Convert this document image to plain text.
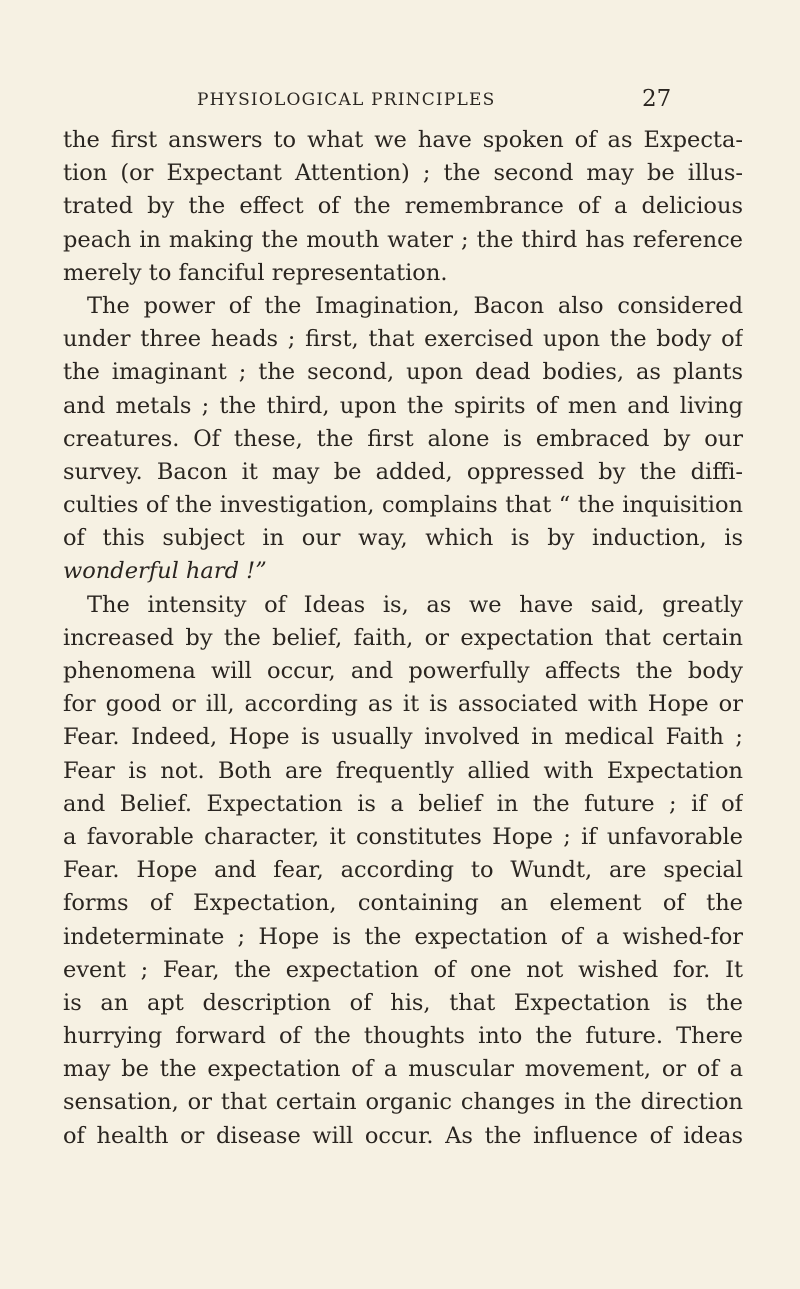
PHYSIOLOGICAL PRINCIPLES	27
the first answers to what we have spoken of as Expecta-
tion (or Expectant Attention) ; the second may be illus-
trated by the effect of the remembrance of a delicious
peach in making the mouth water ; the third has reference
merely to fanciful representation.
The power of the Imagination, Bacon also considered
under three heads ; first, that exercised upon the body of
the imaginant ; the second, upon dead bodies, as plants
and metals ; the third, upon the spirits of men and living
creatures. Of these, the first alone is embraced by our
survey. Bacon it may be added, oppressed by the diffi-
culties of the investigation, complains that “ the inquisition
of this subject in our way, which is by induction, is
wonderful hard !”
The intensity of Ideas is, as we have said, greatly
increased by the belief, faith, or expectation that certain
phenomena will occur, and powerfully affects the body
for good or ill, according as it is associated with Hope or
Fear. Indeed, Hope is usually involved in medical Faith ;
Fear is not. Both are frequently allied with Expectation
and Belief. Expectation is a belief in the future ; if of
a favorable character, it constitutes Hope ; if unfavorable
Fear. Hope and fear, according to Wundt, are special
forms of Expectation, containing an element of the
indeterminate ; Hope is the expectation of a wished-for
event ; Fear, the expectation of one not wished for. It
is an apt description of his, that Expectation is the
hurrying forward of the thoughts into the future. There
may be the expectation of a muscular movement, or of a
sensation, or that certain organic changes in the direction
of health or disease will occur. As the influence of ideas
